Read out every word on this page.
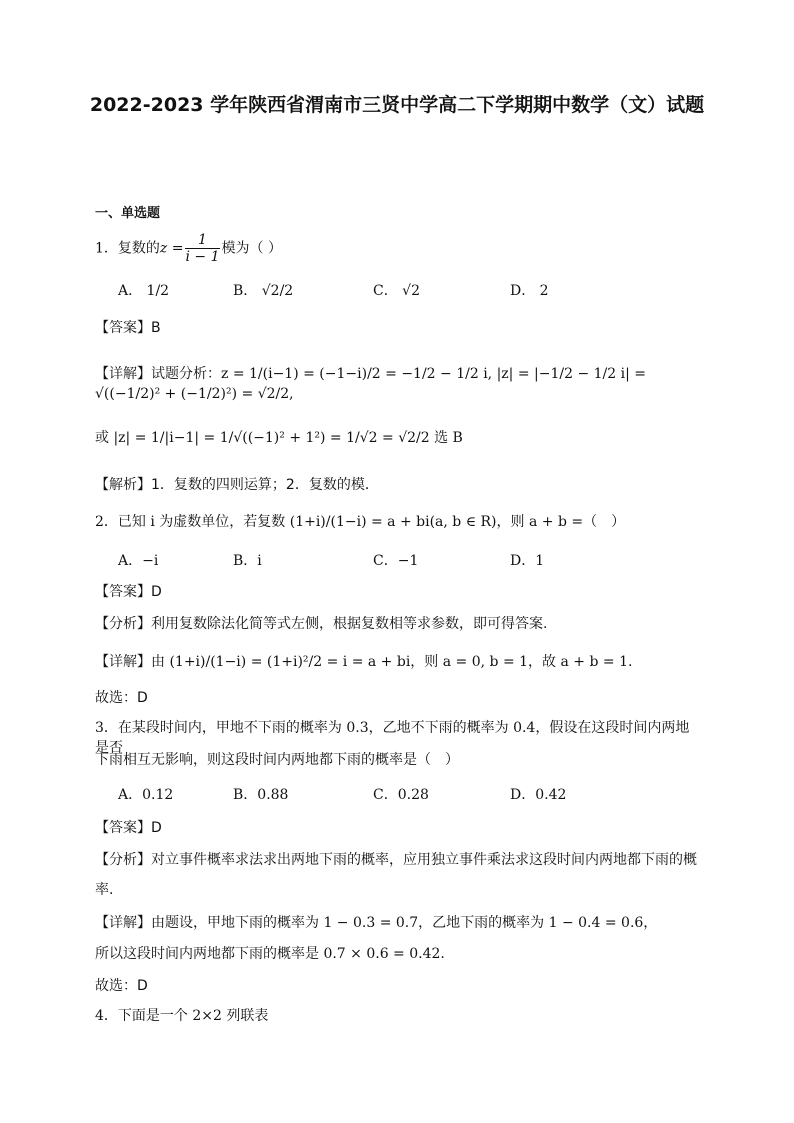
2022-2023 学年陕西省渭南市三贤中学高二下学期期中数学（文）试题
一、单选题
1．复数的$z = \frac{1}{i - 1}$ 模为（ ）
A． 1/2	B． √2/2	C． √2	D． 2
【答案】B
【详解】试题分析：z = 1/(i−1) = (−1−i)/2 = −1/2 − 1/2 i, |z| = |−1/2 − 1/2 i| = √((−1/2)² + (−1/2)²) = √2/2,
或 |z| = 1/|i−1| = 1/√((−1)² + 1²) = 1/√2 = √2/2 选 B
【解析】1．复数的四则运算；2．复数的模．
2．已知 i 为虚数单位，若复数 (1+i)/(1−i) = a + bi(a, b ∈ R)，则 a + b =（　）
A．−i	B．i	C．−1	D．1
【答案】D
【分析】利用复数除法化简等式左侧，根据复数相等求参数，即可得答案.
【详解】由 (1+i)/(1−i) = (1+i)²/2 = i = a + bi，则 a = 0, b = 1，故 a + b = 1.
故选：D
3．在某段时间内，甲地不下雨的概率为 0.3，乙地不下雨的概率为 0.4，假设在这段时间内两地是否
下雨相互无影响，则这段时间内两地都下雨的概率是（　）
A．0.12	B．0.88	C．0.28	D．0.42
【答案】D
【分析】对立事件概率求法求出两地下雨的概率，应用独立事件乘法求这段时间内两地都下雨的概
率.
【详解】由题设，甲地下雨的概率为 1 − 0.3 = 0.7，乙地下雨的概率为 1 − 0.4 = 0.6，
所以这段时间内两地都下雨的概率是 0.7 × 0.6 = 0.42.
故选：D
4．下面是一个 2×2 列联表
